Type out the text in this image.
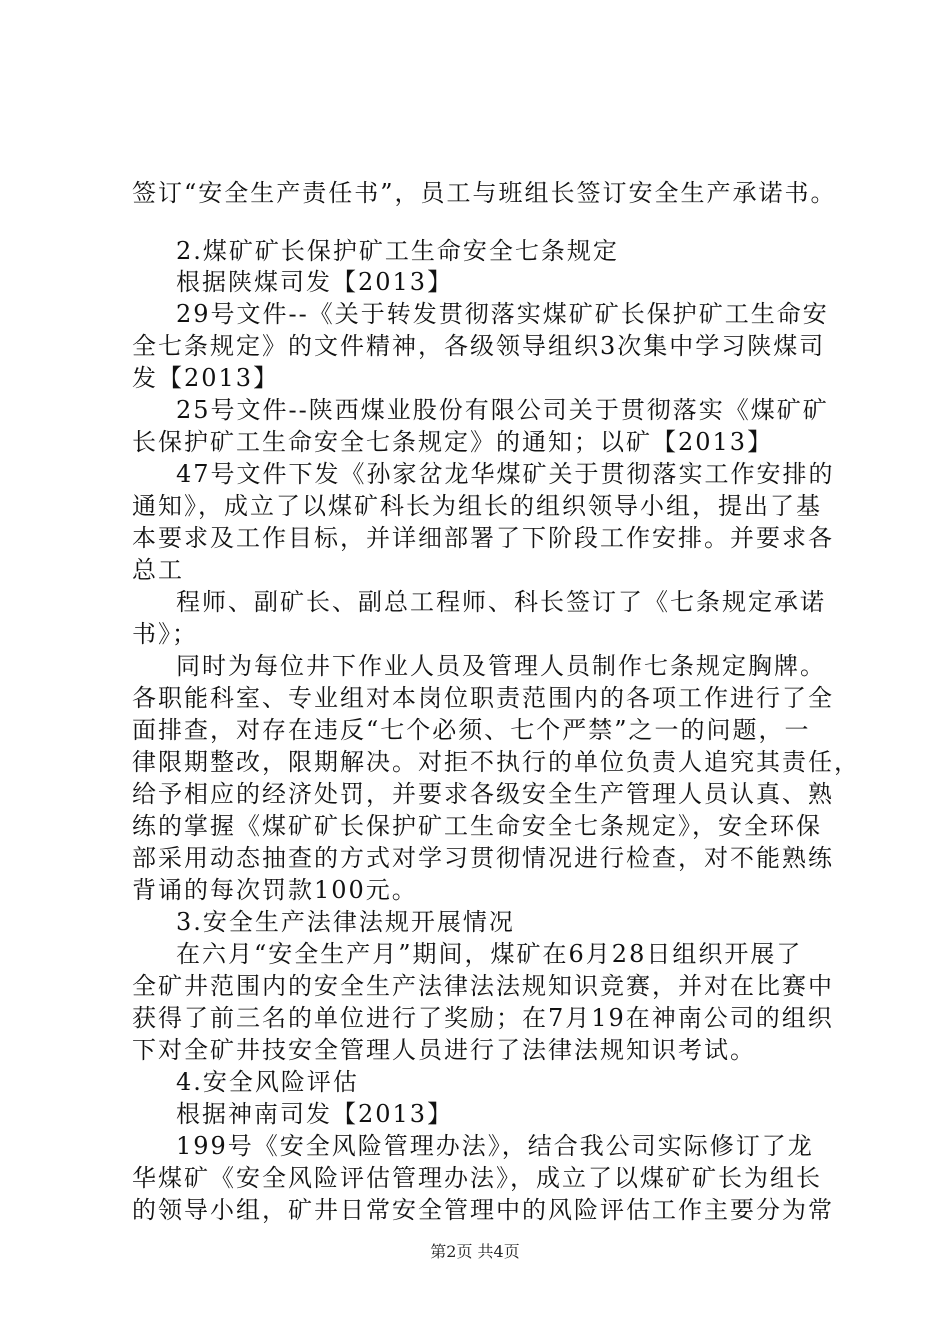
签订“安全生产责任书”，员工与班组长签订安全生产承诺书。
2.煤矿矿长保护矿工生命安全七条规定
根据陕煤司发【2013】
29号文件--《关于转发贯彻落实煤矿矿长保护矿工生命安
全七条规定》的文件精神，各级领导组织3次集中学习陕煤司
发【2013】
25号文件--陕西煤业股份有限公司关于贯彻落实《煤矿矿
长保护矿工生命安全七条规定》的通知；以矿【2013】
47号文件下发《孙家岔龙华煤矿关于贯彻落实工作安排的
通知》，成立了以煤矿科长为组长的组织领导小组，提出了基
本要求及工作目标，并详细部署了下阶段工作安排。并要求各
总工
程师、副矿长、副总工程师、科长签订了《七条规定承诺
书》；
同时为每位井下作业人员及管理人员制作七条规定胸牌。
各职能科室、专业组对本岗位职责范围内的各项工作进行了全
面排查，对存在违反“七个必须、七个严禁”之一的问题，一
律限期整改，限期解决。对拒不执行的单位负责人追究其责任，
给予相应的经济处罚，并要求各级安全生产管理人员认真、熟
练的掌握《煤矿矿长保护矿工生命安全七条规定》，安全环保
部采用动态抽查的方式对学习贯彻情况进行检查，对不能熟练
背诵的每次罚款100元。
3.安全生产法律法规开展情况
在六月“安全生产月”期间，煤矿在6月28日组织开展了
全矿井范围内的安全生产法律法法规知识竞赛，并对在比赛中
获得了前三名的单位进行了奖励；在7月19在神南公司的组织
下对全矿井技安全管理人员进行了法律法规知识考试。
4.安全风险评估
根据神南司发【2013】
199号《安全风险管理办法》，结合我公司实际修订了龙
华煤矿《安全风险评估管理办法》，成立了以煤矿矿长为组长
的领导小组，矿井日常安全管理中的风险评估工作主要分为常
第2页 共4页
